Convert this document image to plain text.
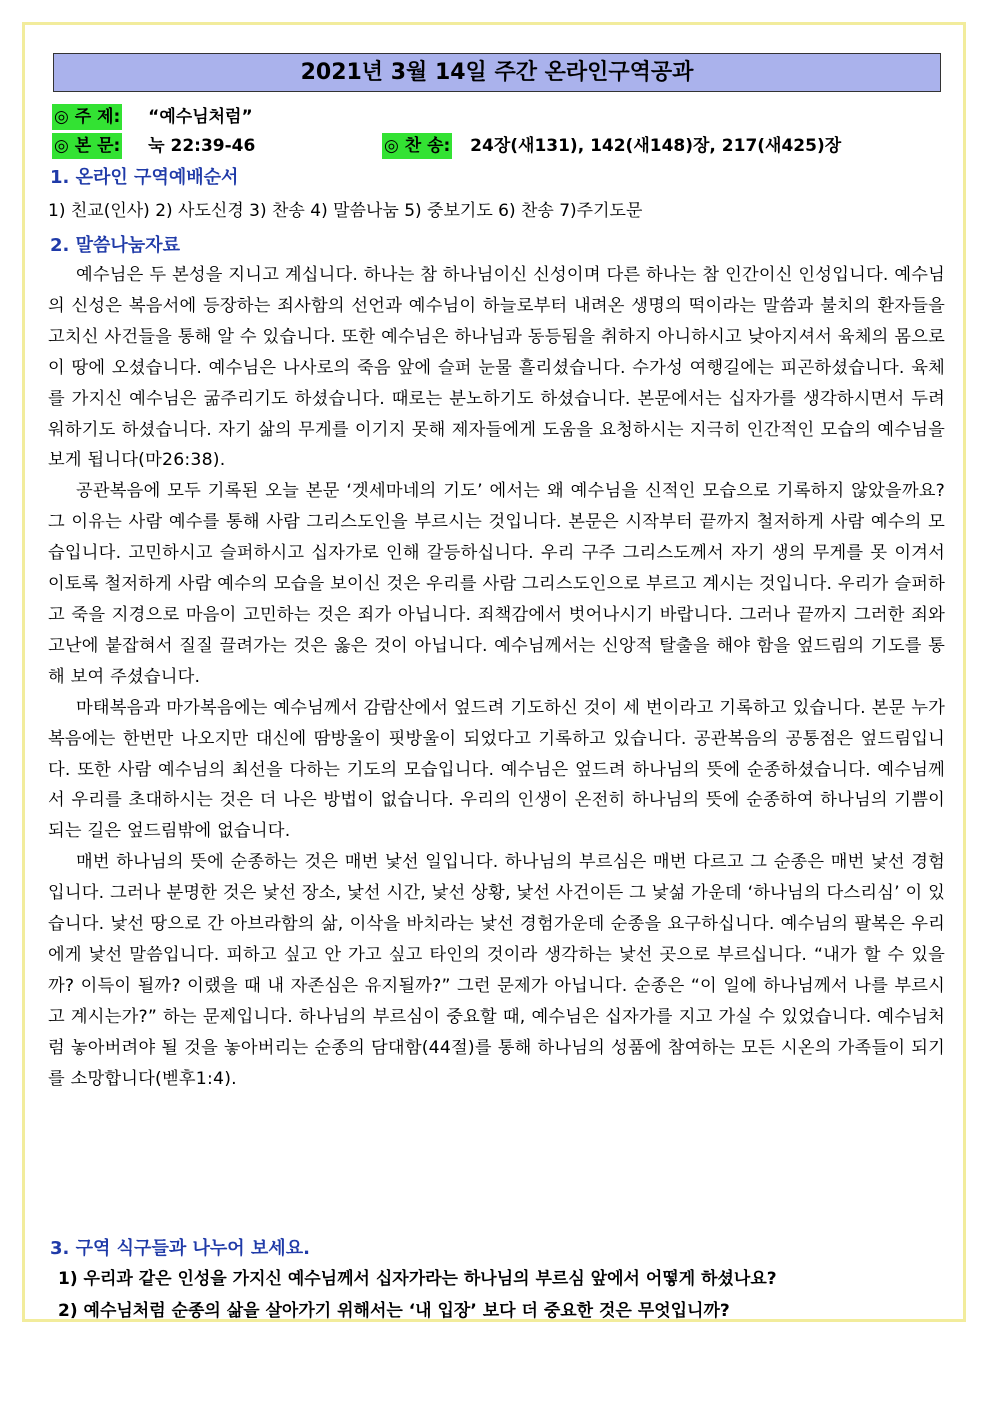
2021년 3월 14일 주간 온라인구역공과
◎ 주 제: “예수님처럼”
◎ 본 문: 눅 22:39-46	◎ 찬 송: 24장(새131), 142(새148)장, 217(새425)장
1. 온라인 구역예배순서
1) 친교(인사) 2) 사도신경 3) 찬송 4) 말씀나눔 5) 중보기도 6) 찬송 7)주기도문
2. 말씀나눔자료

예수님은 두 본성을 지니고 계십니다. 하나는 참 하나님이신 신성이며 다른 하나는 참 인간이신 인성입니다. 예수님의 신성은 복음서에 등장하는 죄사함의 선언과 예수님이 하늘로부터 내려온 생명의 떡이라는 말씀과 불치의 환자들을 고치신 사건들을 통해 알 수 있습니다. 또한 예수님은 하나님과 동등됨을 취하지 아니하시고 낮아지셔서 육체의 몸으로 이 땅에 오셨습니다. 예수님은 나사로의 죽음 앞에 슬퍼 눈물 흘리셨습니다. 수가성 여행길에는 피곤하셨습니다. 육체를 가지신 예수님은 굶주리기도 하셨습니다. 때로는 분노하기도 하셨습니다. 본문에서는 십자가를 생각하시면서 두려워하기도 하셨습니다. 자기 삶의 무게를 이기지 못해 제자들에게 도움을 요청하시는 지극히 인간적인 모습의 예수님을 보게 됩니다(마26:38).

공관복음에 모두 기록된 오늘 본문 ‘겟세마네의 기도’ 에서는 왜 예수님을 신적인 모습으로 기록하지 않았을까요? 그 이유는 사람 예수를 통해 사람 그리스도인을 부르시는 것입니다. 본문은 시작부터 끝까지 철저하게 사람 예수의 모습입니다. 고민하시고 슬퍼하시고 십자가로 인해 갈등하십니다. 우리 구주 그리스도께서 자기 생의 무게를 못 이겨서 이토록 철저하게 사람 예수의 모습을 보이신 것은 우리를 사람 그리스도인으로 부르고 계시는 것입니다. 우리가 슬퍼하고 죽을 지경으로 마음이 고민하는 것은 죄가 아닙니다. 죄책감에서 벗어나시기 바랍니다. 그러나 끝까지 그러한 죄와 고난에 붙잡혀서 질질 끌려가는 것은 옳은 것이 아닙니다. 예수님께서는 신앙적 탈출을 해야 함을 엎드림의 기도를 통해 보여 주셨습니다.

마태복음과 마가복음에는 예수님께서 감람산에서 엎드려 기도하신 것이 세 번이라고 기록하고 있습니다. 본문 누가복음에는 한번만 나오지만 대신에 땀방울이 핏방울이 되었다고 기록하고 있습니다. 공관복음의 공통점은 엎드림입니다. 또한 사람 예수님의 최선을 다하는 기도의 모습입니다. 예수님은 엎드려 하나님의 뜻에 순종하셨습니다. 예수님께서 우리를 초대하시는 것은 더 나은 방법이 없습니다. 우리의 인생이 온전히 하나님의 뜻에 순종하여 하나님의 기쁨이 되는 길은 엎드림밖에 없습니다.

매번 하나님의 뜻에 순종하는 것은 매번 낯선 일입니다. 하나님의 부르심은 매번 다르고 그 순종은 매번 낯선 경험입니다. 그러나 분명한 것은 낯선 장소, 낯선 시간, 낯선 상황, 낯선 사건이든 그 낯섦 가운데 ‘하나님의 다스리심’ 이 있습니다. 낯선 땅으로 간 아브라함의 삶, 이삭을 바치라는 낯선 경험가운데 순종을 요구하십니다. 예수님의 팔복은 우리에게 낯선 말씀입니다. 피하고 싶고 안 가고 싶고 타인의 것이라 생각하는 낯선 곳으로 부르십니다. “내가 할 수 있을까? 이득이 될까? 이랬을 때 내 자존심은 유지될까?” 그런 문제가 아닙니다. 순종은 “이 일에 하나님께서 나를 부르시고 계시는가?” 하는 문제입니다. 하나님의 부르심이 중요할 때, 예수님은 십자가를 지고 가실 수 있었습니다. 예수님처럼 놓아버려야 될 것을 놓아버리는 순종의 담대함(44절)를 통해 하나님의 성품에 참여하는 모든 시온의 가족들이 되기를 소망합니다(벧후1:4).

3. 구역 식구들과 나누어 보세요.
1) 우리과 같은 인성을 가지신 예수님께서 십자가라는 하나님의 부르심 앞에서 어떻게 하셨나요?
2) 예수님처럼 순종의 삶을 살아가기 위해서는 ‘내 입장’ 보다 더 중요한 것은 무엇입니까?
